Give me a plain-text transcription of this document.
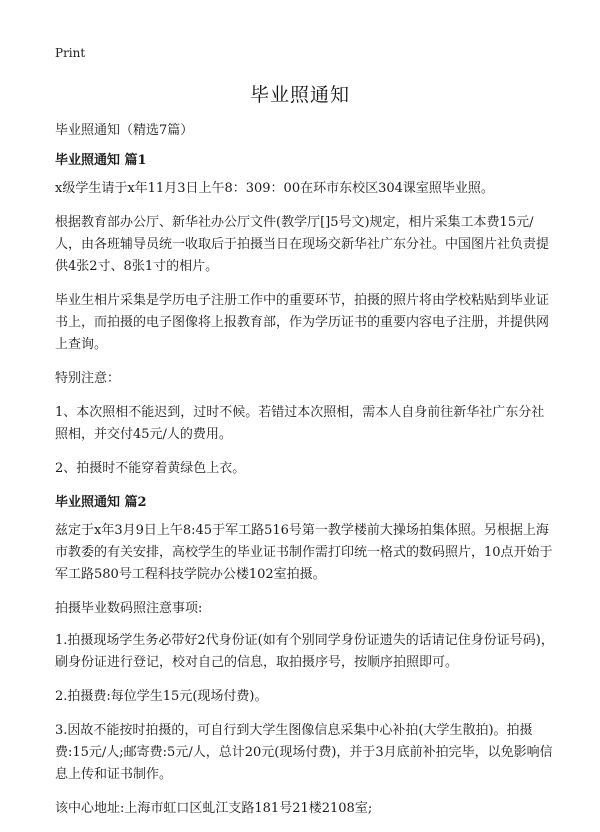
Print
毕业照通知

毕业照通知（精选7篇）

毕业照通知 篇1

x级学生请于x年11月3日上午8：309：00在环市东校区304课室照毕业照。

根据教育部办公厅、新华社办公厅文件(教学厅[]5号文)规定，相片采集工本费15元/人，由各班辅导员统一收取后于拍摄当日在现场交新华社广东分社。中国图片社负责提供4张2寸、8张1寸的相片。

毕业生相片采集是学历电子注册工作中的重要环节，拍摄的照片将由学校粘贴到毕业证书上，而拍摄的电子图像将上报教育部，作为学历证书的重要内容电子注册，并提供网上查询。

特别注意：

1、本次照相不能迟到，过时不候。若错过本次照相，需本人自身前往新华社广东分社照相，并交付45元/人的费用。

2、拍摄时不能穿着黄绿色上衣。

毕业照通知 篇2

兹定于x年3月9日上午8:45于军工路516号第一教学楼前大操场拍集体照。另根据上海市教委的有关安排，高校学生的毕业证书制作需打印统一格式的数码照片，10点开始于军工路580号工程科技学院办公楼102室拍摄。

拍摄毕业数码照注意事项:

1.拍摄现场学生务必带好2代身份证(如有个别同学身份证遗失的话请记住身份证号码)，刷身份证进行登记，校对自己的信息，取拍摄序号，按顺序拍照即可。

2.拍摄费:每位学生15元(现场付费)。

3.因故不能按时拍摄的，可自行到大学生图像信息采集中心补拍(大学生散拍)。拍摄费:15元/人;邮寄费:5元/人，总计20元(现场付费)，并于3月底前补拍完毕，以免影响信息上传和证书制作。

该中心地址:上海市虹口区虬江支路181号21楼2108室;
